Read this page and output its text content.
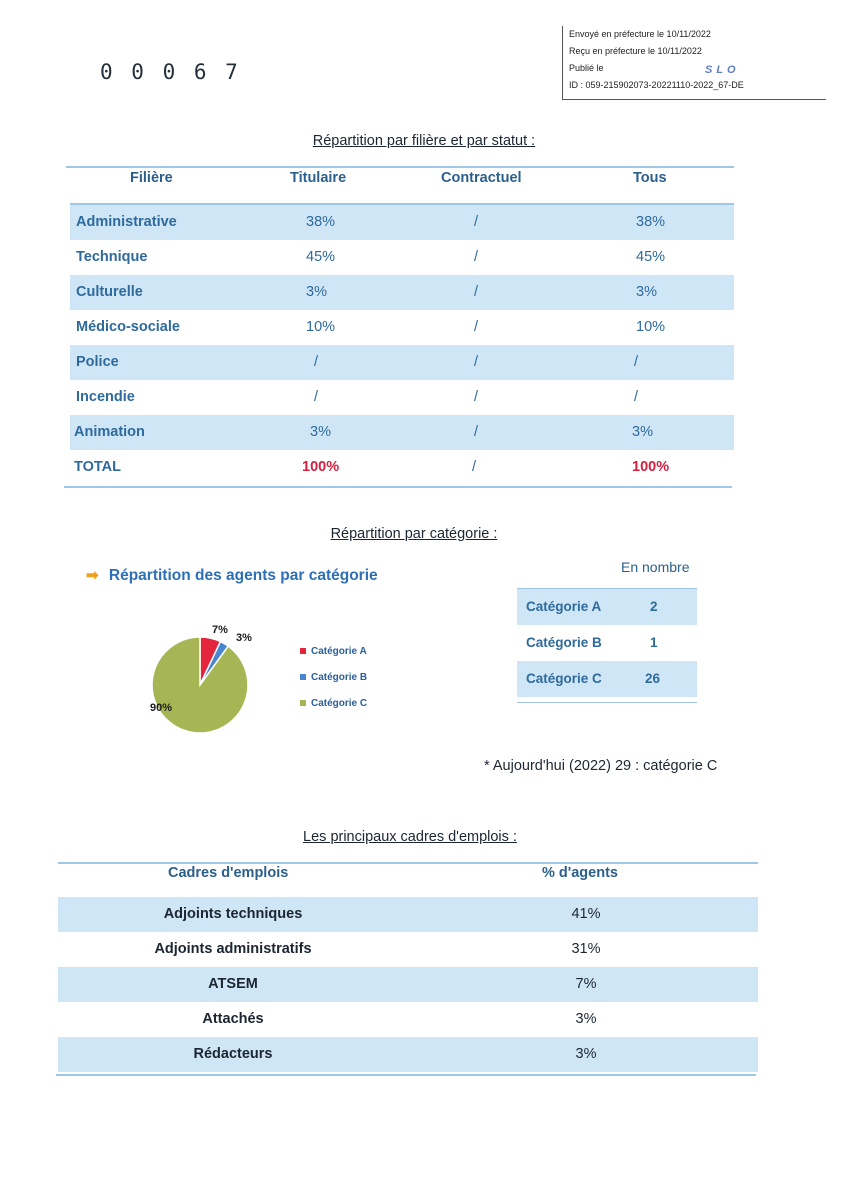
0 0 0 6 7
Envoyé en préfecture le 10/11/2022
Reçu en préfecture le 10/11/2022
Publié le	SLO
ID : 059-215902073-20221110-2022_67-DE
Répartition par filière et par statut :
Filière	Titulaire	Contractuel	Tous
Administrative	38%	/	38%
Technique	45%	/	45%
Culturelle	3%	/	3%
Médico-sociale	10%	/	10%
Police	/	/	/
Incendie	/	/	/
Animation	3%	/	3%
TOTAL	100%	/	100%
Répartition par catégorie :
➡ Répartition des agents par catégorie
7%
3%
90%
Catégorie A
Catégorie B
Catégorie C
En nombre
Catégorie A	2
Catégorie B	1
Catégorie C	26
* Aujourd'hui (2022) 29 : catégorie C
Les principaux cadres d'emplois :
Cadres d'emplois	% d'agents
Adjoints techniques	41%
Adjoints administratifs	31%
ATSEM	7%
Attachés	3%
Rédacteurs	3%
